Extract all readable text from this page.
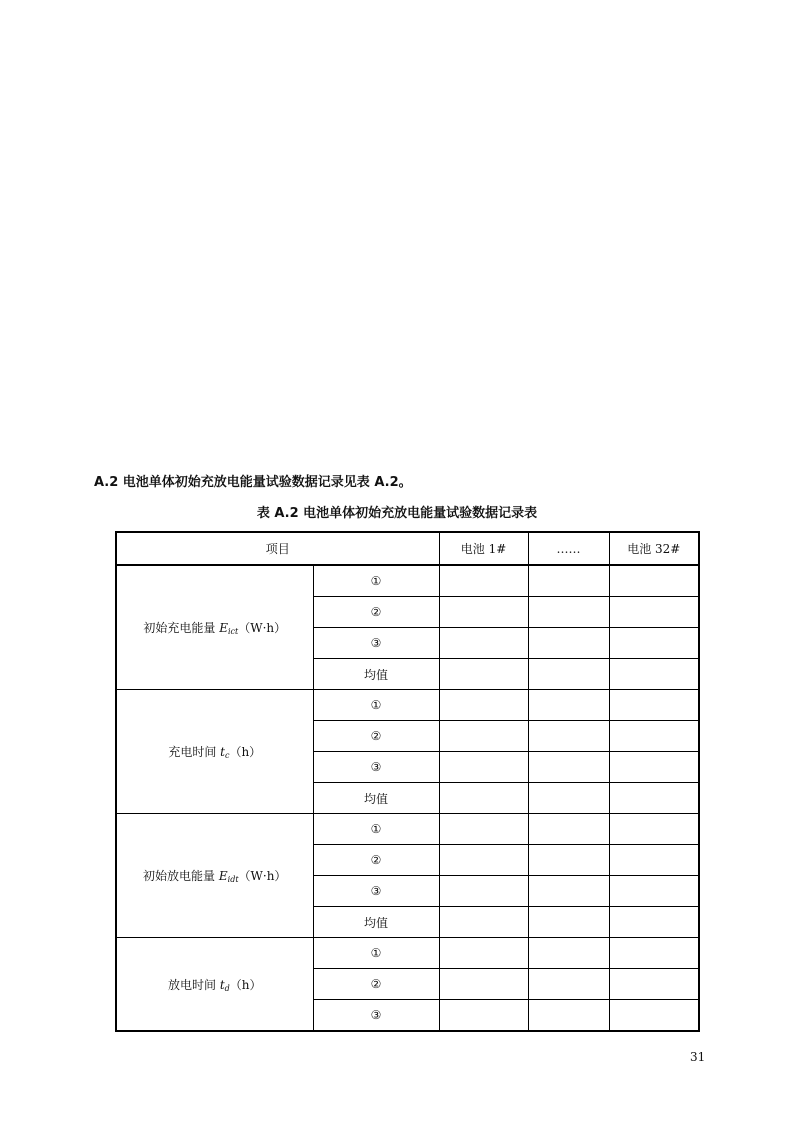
A.2 电池单体初始充放电能量试验数据记录见表 A.2。
表 A.2 电池单体初始充放电能量试验数据记录表
项目		电池 1#	……	电池 32#
初始充电能量 $E_{ict}(W\cdot h)$	①			
	②			
	③			
	均值			
充电时间 $t_c(h)$	①			
	②			
	③			
	均值			
初始放电能量 $E_{idt}(W\cdot h)$	①			
	②			
	③			
	均值			
放电时间 $t_d(h)$	①			
	②			
	③			
31
